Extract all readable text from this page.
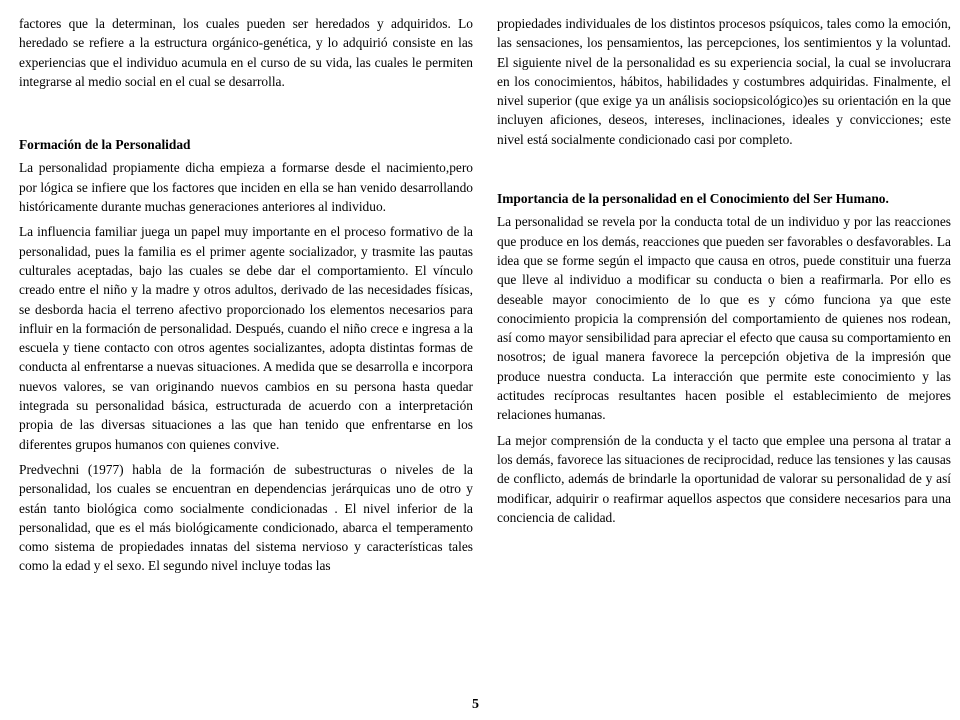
factores que la determinan, los cuales pueden ser heredados y adquiridos. Lo heredado se refiere a la estructura orgánico-genética, y lo adquirió consiste en las experiencias que el individuo acumula en el curso de su vida, las cuales le permiten integrarse al medio social en el cual se desarrolla.

Formación de la Personalidad

La personalidad propiamente dicha empieza a formarse desde el nacimiento,pero por lógica se infiere que los factores que inciden en ella se han venido desarrollando históricamente durante muchas generaciones anteriores al individuo.

La influencia familiar juega un papel muy importante en el proceso formativo de la personalidad, pues la familia es el primer agente socializador, y trasmite las pautas culturales aceptadas, bajo las cuales se debe dar el comportamiento. El vínculo creado entre el niño y la madre y otros adultos, derivado de las necesidades físicas, se desborda hacia el terreno afectivo proporcionado los elementos necesarios para influir en la formación de personalidad. Después, cuando el niño crece e ingresa a la escuela y tiene contacto con otros agentes socializantes, adopta distintas formas de conducta al enfrentarse a nuevas situaciones. A medida que se desarrolla e incorpora nuevos valores, se van originando nuevos cambios en su persona hasta quedar integrada su personalidad básica, estructurada de acuerdo con a interpretación propia de las diversas situaciones a las que han tenido que enfrentarse en los diferentes grupos humanos con quienes convive.

Predvechni (1977) habla de la formación de subestructuras o niveles de la personalidad, los cuales se encuentran en dependencias jerárquicas uno de otro y están tanto biológica como socialmente condicionadas . El nivel inferior de la personalidad, que es el más biológicamente condicionado, abarca el temperamento como sistema de propiedades innatas del sistema nervioso y características tales como la edad y el sexo. El segundo nivel incluye todas las

propiedades individuales de los distintos procesos psíquicos, tales como la emoción, las sensaciones, los pensamientos, las percepciones, los sentimientos y la voluntad. El siguiente nivel de la personalidad es su experiencia social, la cual se involucrara en los conocimientos, hábitos, habilidades y costumbres adquiridas. Finalmente, el nivel superior (que exige ya un análisis sociopsicológico)es su orientación en la que incluyen aficiones, deseos, intereses, inclinaciones, ideales y convicciones; este nivel está socialmente condicionado casi por completo.

Importancia de la personalidad en el Conocimiento del Ser Humano.

La personalidad se revela por la conducta total de un individuo y por las reacciones que produce en los demás, reacciones que pueden ser favorables o desfavorables. La idea que se forme según el impacto que causa en otros, puede constituir una fuerza que lleve al individuo a modificar su conducta o bien a reafirmarla. Por ello es deseable mayor conocimiento de lo que es y cómo funciona ya que este conocimiento propicia la comprensión del comportamiento de quienes nos rodean, así como mayor sensibilidad para apreciar el efecto que causa su comportamiento en nosotros; de igual manera favorece la percepción objetiva de la impresión que produce nuestra conducta. La interacción que permite este conocimiento y las actitudes recíprocas resultantes hacen posible el establecimiento de mejores relaciones humanas.

La mejor comprensión de la conducta y el tacto que emplee una persona al tratar a los demás, favorece las situaciones de reciprocidad, reduce las tensiones y las causas de conflicto, además de brindarle la oportunidad de valorar su personalidad de y así modificar, adquirir o reafirmar aquellos aspectos que considere necesarios para una conciencia de calidad.

5
